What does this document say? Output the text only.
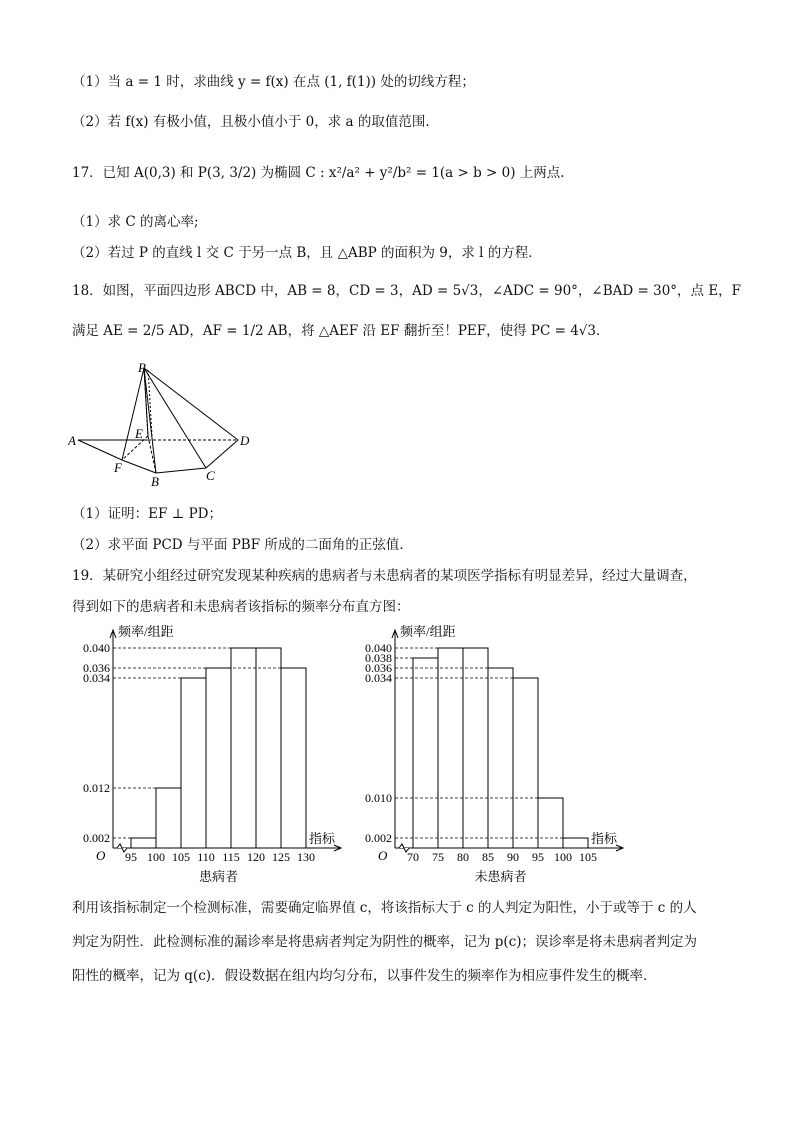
（1）当 a = 1 时，求曲线 y = f(x) 在点 (1, f(1)) 处的切线方程；
（2）若 f(x) 有极小值，且极小值小于 0，求 a 的取值范围．
17．已知 A(0,3) 和 P(3, 3/2) 为椭圆 C : x²/a² + y²/b² = 1(a > b > 0) 上两点.
（1）求 C 的离心率;
（2）若过 P 的直线 l 交 C 于另一点 B，且 △ABP 的面积为 9，求 l 的方程．
18．如图，平面四边形 ABCD 中，AB = 8，CD = 3，AD = 5√3，∠ADC = 90°，∠BAD = 30°，点 E，F
满足 AE = 2/5 AD，AF = 1/2 AB，将 △AEF 沿 EF 翻折至！PEF，使得 PC = 4√3．
P
A	E	D
F
B	C
（1）证明：EF ⊥ PD；
（2）求平面 PCD 与平面 PBF 所成的二面角的正弦值．
19．某研究小组经过研究发现某种疾病的患病者与未患病者的某项医学指标有明显差异，经过大量调查，
得到如下的患病者和未患病者该指标的频率分布直方图：
频率/组距
指标
O
0.040
0.036
0.034
0.012
0.002
95 100 105 110 115 120 125 130
患病者
频率/组距
指标
O
0.040
0.038
0.036
0.034
0.010
0.002
70 75 80 85 90 95 100 105
未患病者
利用该指标制定一个检测标准，需要确定临界值 c，将该指标大于 c 的人判定为阳性，小于或等于 c 的人
判定为阴性．此检测标准的漏诊率是将患病者判定为阴性的概率，记为 p(c)；误诊率是将未患病者判定为
阳性的概率，记为 q(c)．假设数据在组内均匀分布，以事件发生的频率作为相应事件发生的概率．
